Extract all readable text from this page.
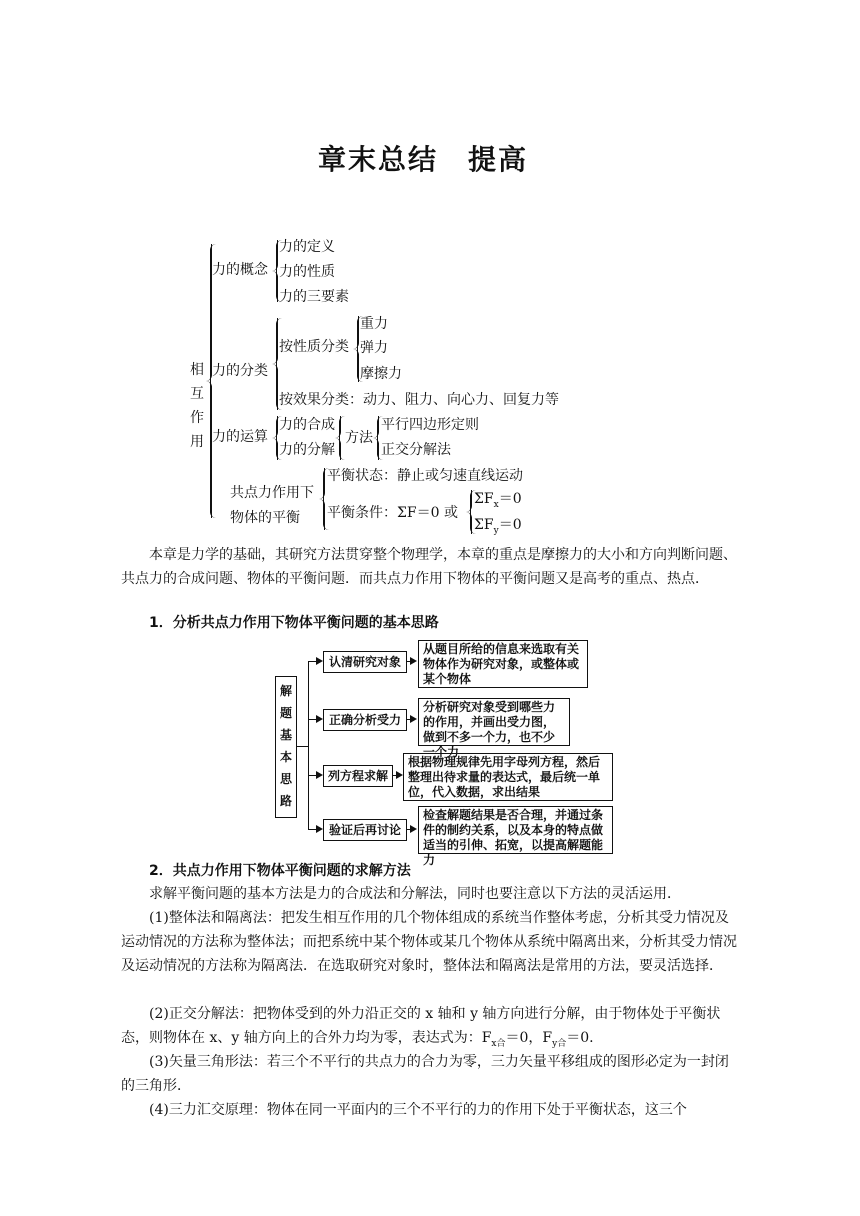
章末总结　提高
相互作用
力的概念
力的定义
力的性质
力的三要素
力的分类
按性质分类
重力
弹力
摩擦力
按效果分类：动力、阻力、向心力、回复力等
力的运算
力的合成
力的分解
方法
平行四边形定则
正交分解法
共点力作用下
物体的平衡
平衡状态：静止或匀速直线运动
平衡条件：ΣF＝0 或
$\Sigma F_x=0$
$\Sigma F_y=0$
本章是力学的基础，其研究方法贯穿整个物理学，本章的重点是摩擦力的大小和方向判断问题、共点力的合成问题、物体的平衡问题．而共点力作用下物体的平衡问题又是高考的重点、热点．
1．分析共点力作用下物体平衡问题的基本思路
解
题
基
本
思
路
认清研究对象
从题目所给的信息来选取有关物体作为研究对象，或整体或某个物体
正确分析受力
分析研究对象受到哪些力的作用，并画出受力图，做到不多一个力，也不少一个力
列方程求解
根据物理规律先用字母列方程，然后整理出待求量的表达式，最后统一单位，代入数据，求出结果
验证后再讨论
检查解题结果是否合理，并通过条件的制约关系，以及本身的特点做适当的引伸、拓宽，以提高解题能力
2．共点力作用下物体平衡问题的求解方法
求解平衡问题的基本方法是力的合成法和分解法，同时也要注意以下方法的灵活运用．
(1)整体法和隔离法：把发生相互作用的几个物体组成的系统当作整体考虑，分析其受力情况及运动情况的方法称为整体法；而把系统中某个物体或某几个物体从系统中隔离出来，分析其受力情况及运动情况的方法称为隔离法．在选取研究对象时，整体法和隔离法是常用的方法，要灵活选择．
(2)正交分解法：把物体受到的外力沿正交的 x 轴和 y 轴方向进行分解，由于物体处于平衡状态，则物体在 x、y 轴方向上的合外力均为零，表达式为：$F_{x合}=0$，$F_{y合}=0$.
(3)矢量三角形法：若三个不平行的共点力的合力为零，三力矢量平移组成的图形必定为一封闭的三角形．
(4)三力汇交原理：物体在同一平面内的三个不平行的力的作用下处于平衡状态，这三个
